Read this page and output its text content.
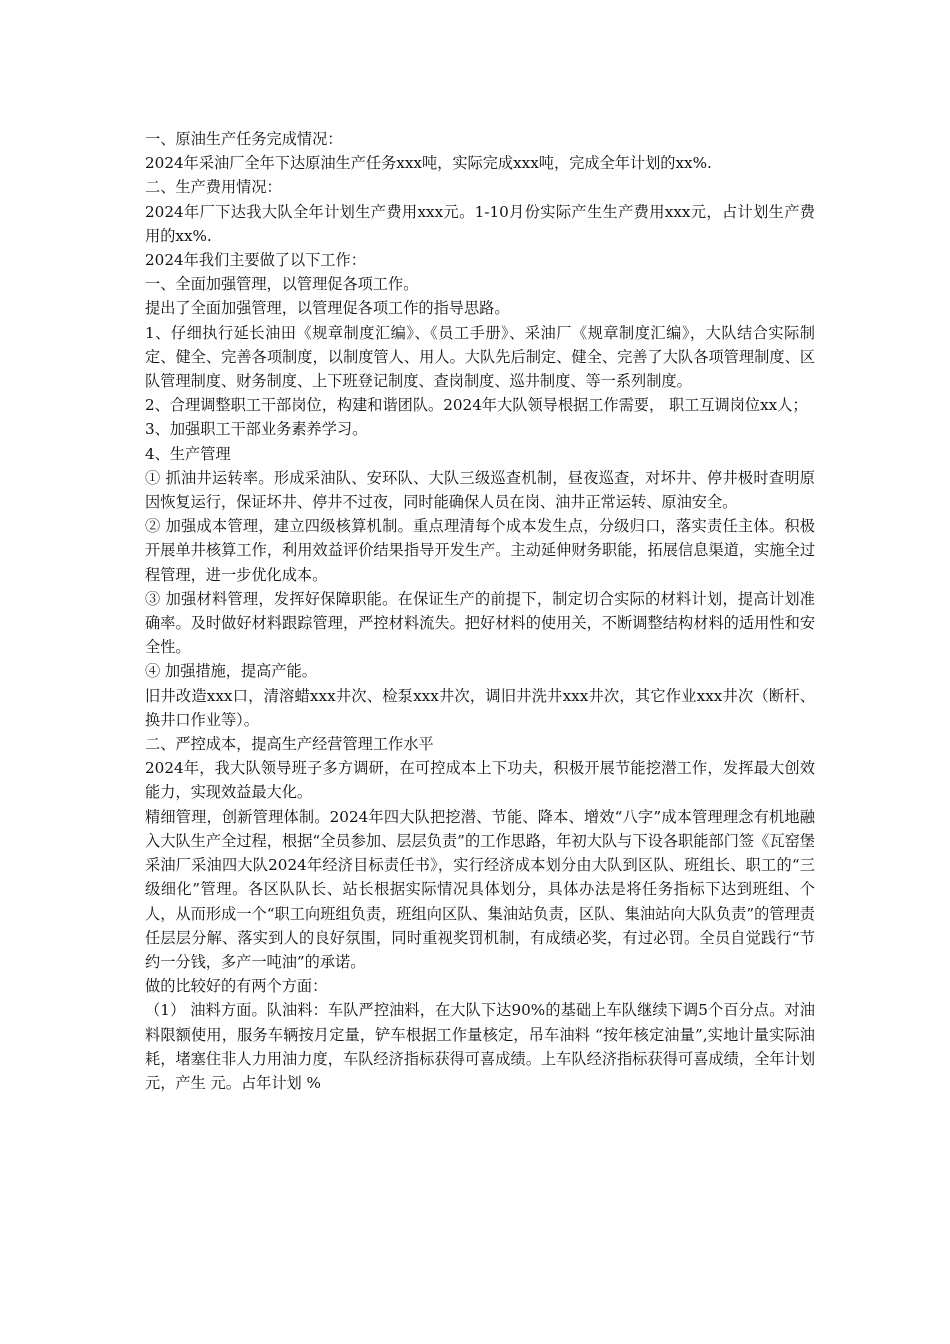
一、原油生产任务完成情况：

2024年采油厂全年下达原油生产任务xxx吨，实际完成xxx吨，完成全年计划的xx%.

二、生产费用情况：

2024年厂下达我大队全年计划生产费用xxx元。1-10月份实际产生生产费用xxx元，占计划生产费用的xx%.

2024年我们主要做了以下工作：

一、全面加强管理，以管理促各项工作。

提出了全面加强管理，以管理促各项工作的指导思路。

1、仔细执行延长油田《规章制度汇编》、《员工手册》、采油厂《规章制度汇编》，大队结合实际制定、健全、完善各项制度，以制度管人、用人。大队先后制定、健全、完善了大队各项管理制度、区队管理制度、财务制度、上下班登记制度、查岗制度、巡井制度、等一系列制度。

2、合理调整职工干部岗位，构建和谐团队。2024年大队领导根据工作需要， 职工互调岗位xx人；

3、加强职工干部业务素养学习。

4、生产管理

① 抓油井运转率。形成采油队、安环队、大队三级巡查机制，昼夜巡查，对坏井、停井极时查明原因恢复运行，保证坏井、停井不过夜，同时能确保人员在岗、油井正常运转、原油安全。

② 加强成本管理，建立四级核算机制。重点理清每个成本发生点，分级归口，落实责任主体。积极开展单井核算工作，利用效益评价结果指导开发生产。主动延伸财务职能，拓展信息渠道，实施全过程管理，进一步优化成本。

③ 加强材料管理，发挥好保障职能。在保证生产的前提下，制定切合实际的材料计划，提高计划准确率。及时做好材料跟踪管理，严控材料流失。把好材料的使用关，不断调整结构材料的适用性和安全性。

④ 加强措施，提高产能。

旧井改造xxx口，清溶蜡xxx井次、检泵xxx井次，调旧井洗井xxx井次，其它作业xxx井次（断杆、换井口作业等）。

二、严控成本，提高生产经营管理工作水平

2024年，我大队领导班子多方调研，在可控成本上下功夫，积极开展节能挖潜工作，发挥最大创效能力，实现效益最大化。

精细管理，创新管理体制。2024年四大队把挖潜、节能、降本、增效“八字”成本管理理念有机地融入大队生产全过程，根据“全员参加、层层负责”的工作思路，年初大队与下设各职能部门签《瓦窑堡采油厂采油四大队2024年经济目标责任书》，实行经济成本划分由大队到区队、班组长、职工的“三级细化”管理。各区队队长、站长根据实际情况具体划分，具体办法是将任务指标下达到班组、个人，从而形成一个“职工向班组负责，班组向区队、集油站负责，区队、集油站向大队负责”的管理责任层层分解、落实到人的良好氛围，同时重视奖罚机制，有成绩必奖，有过必罚。全员自觉践行“节约一分钱，多产一吨油”的承诺。

做的比较好的有两个方面：

（1） 油料方面。队油料：车队严控油料，在大队下达90%的基础上车队继续下调5个百分点。对油料限额使用，服务车辆按月定量，铲车根据工作量核定，吊车油料 “按年核定油量”,实地计量实际油耗，堵塞住非人力用油力度，车队经济指标获得可喜成绩。上车队经济指标获得可喜成绩，全年计划 元，产生 元。占年计划 %
